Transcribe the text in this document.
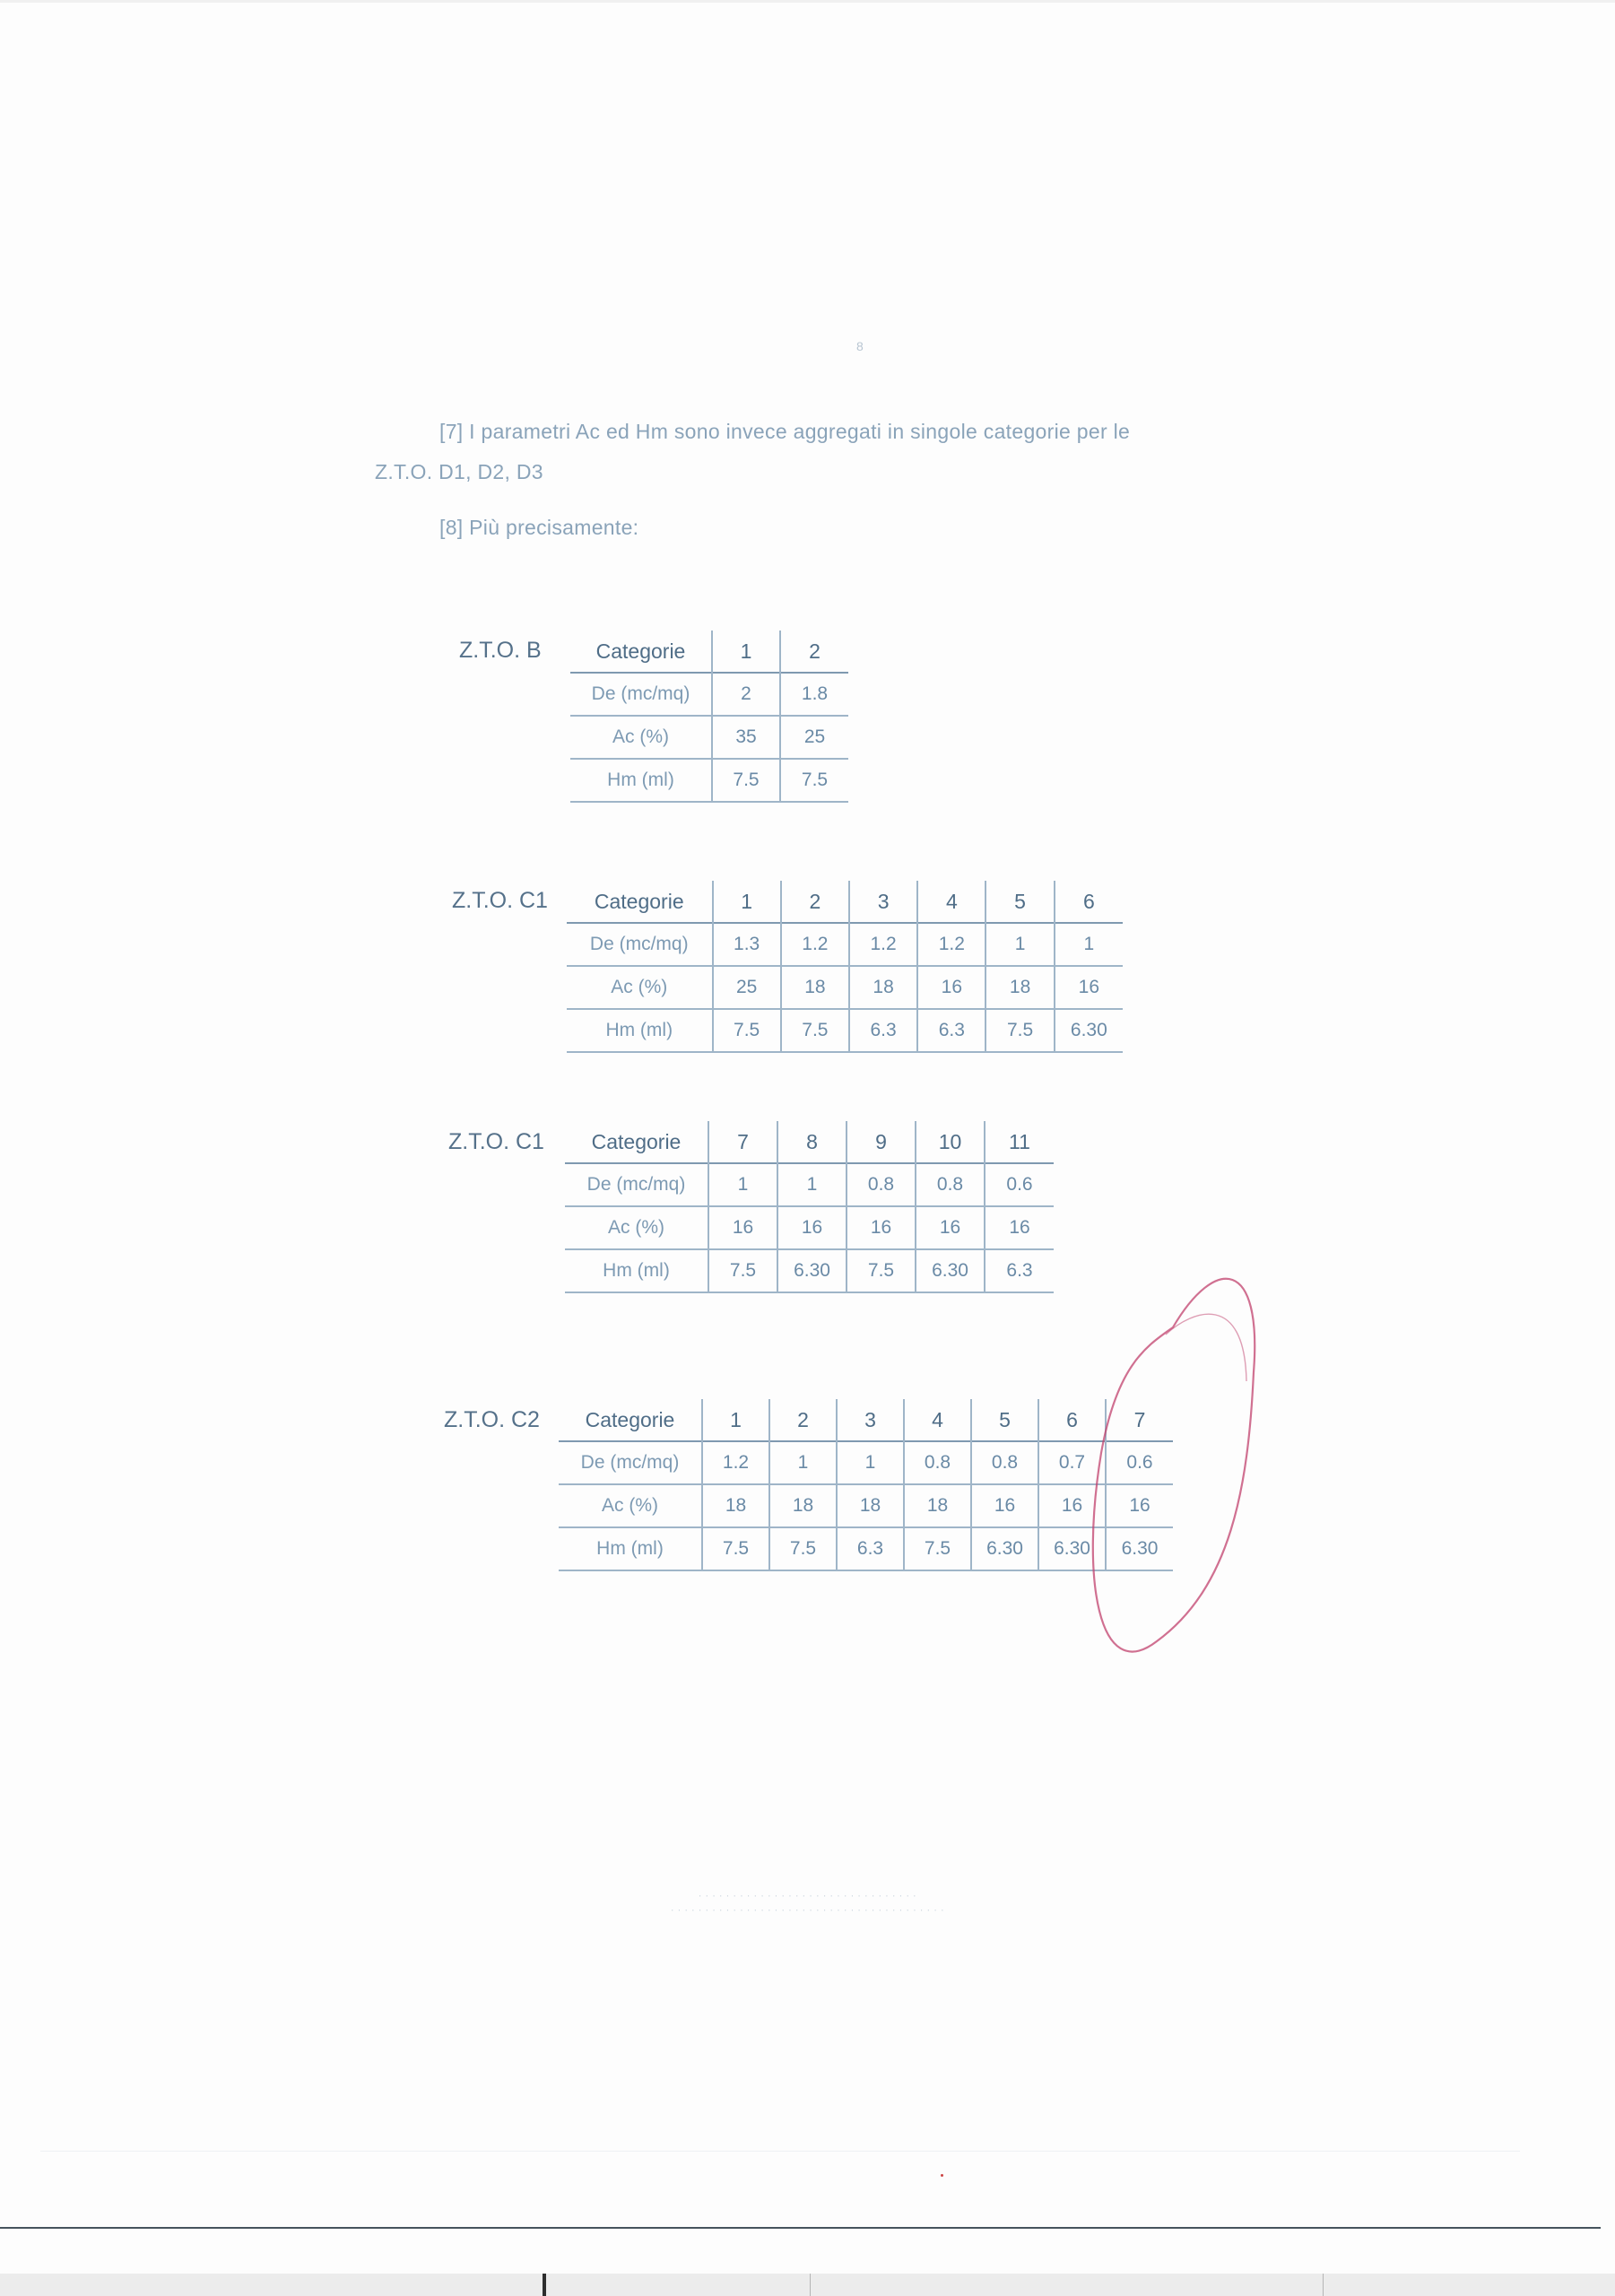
8
[7] I parametri Ac ed Hm sono invece aggregati in singole categorie per le
Z.T.O. D1, D2, D3
[8] Più precisamente:
Z.T.O. B	Categorie	1	2
De (mc/mq)	2	1.8
Ac (%)	35	25
Hm (ml)	7.5	7.5
Z.T.O. C1 Categorie	1	2	3	4	5	6
De (mc/mq)	1.3	1.2	1.2	1.2	1	1
Ac (%)	25	18	18	16	18	16
Hm (ml)	7.5	7.5	6.3	6.3	7.5	6.30
Z.T.O. C1 Categorie	7	8	9	10	11
De (mc/mq)	1	1	0.8	0.8	0.6
Ac (%)	16	16	16	16	16
Hm (ml)	7.5	6.30	7.5	6.30	6.3
Z.T.O. C2 Categorie	1	2	3	4	5	6	7
De (mc/mq)	1.2	1	1	0.8	0.8	0.7	0.6
Ac (%)	18	18	18	18	16	16	16
Hm (ml)	7.5	7.5	6.3	7.5	6.30	6.30	6.30
· · · · · · · · · · · · · · · · · · · · · · · · · · · · · · · ·
· · · · · · · · · · · · · · · · · · · · · · · · · · · · · · · · · · · · · · · ·
